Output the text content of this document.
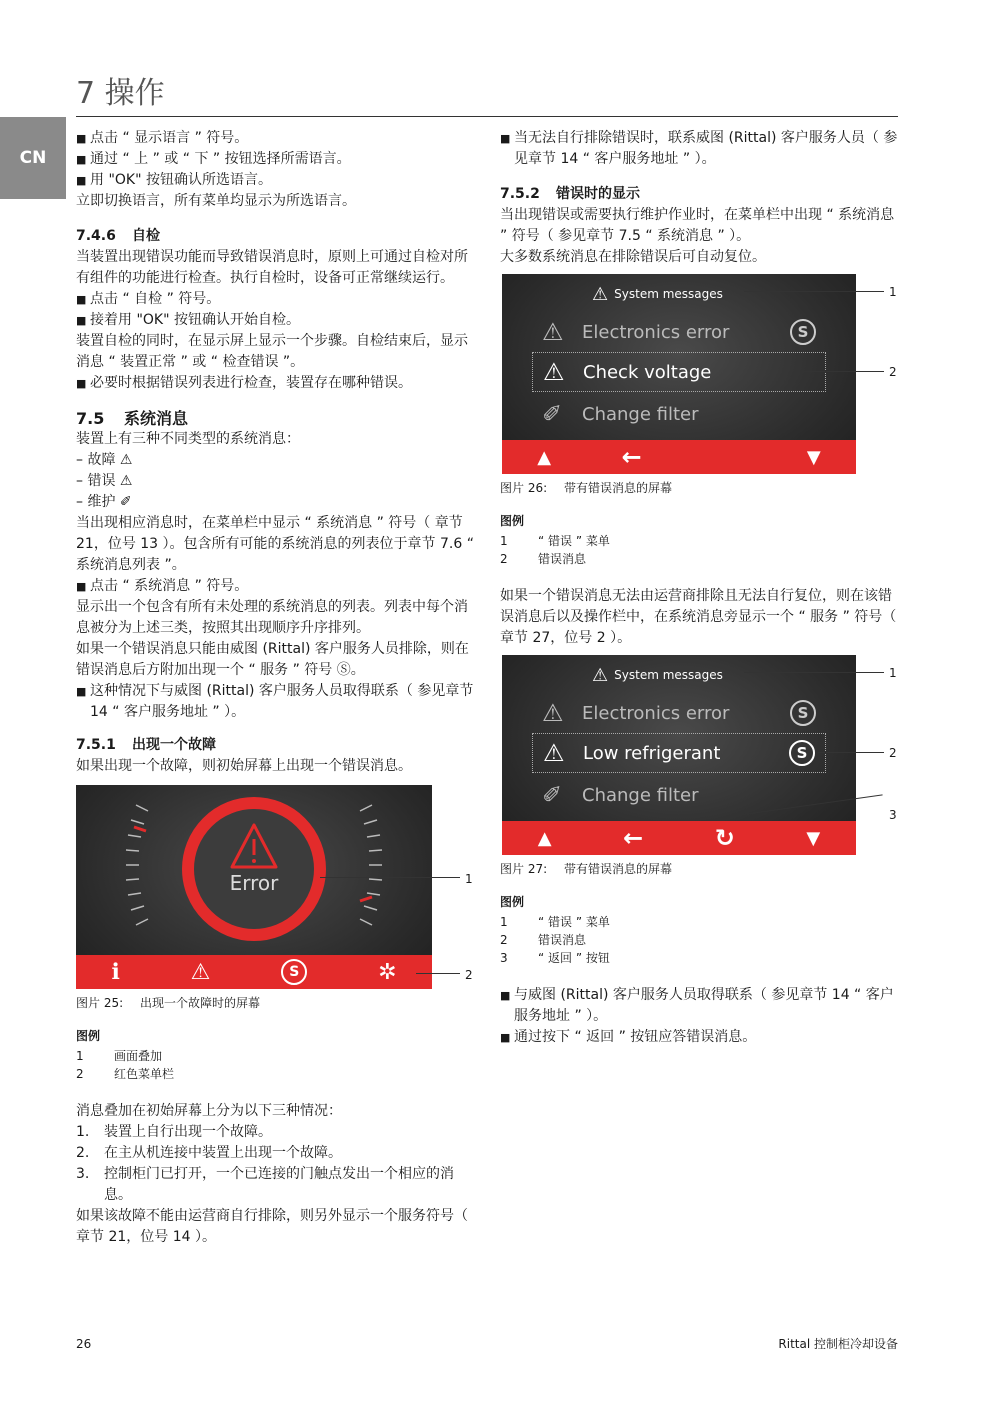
7 操作
CN
■ 点击 “ 显示语言 ” 符号。
■ 通过 “ 上 ” 或 “ 下 ” 按钮选择所需语言。
■ 用 "OK" 按钮确认所选语言。
立即切换语言，所有菜单均显示为所选语言。
7.4.6 自检
当装置出现错误功能而导致错误消息时，原则上可通过自检对所有组件的功能进行检查。执行自检时，设备可正常继续运行。
■ 点击 “ 自检 ” 符号。
■ 接着用 "OK" 按钮确认开始自检。
装置自检的同时，在显示屏上显示一个步骤。自检结束后，显示消息 “ 装置正常 ” 或 “ 检查错误 ”。
■ 必要时根据错误列表进行检查，装置存在哪种错误。
7.5 系统消息
装置上有三种不同类型的系统消息：
– 故障 ⚠
– 错误 ⚠
– 维护 ✐
当出现相应消息时，在菜单栏中显示 “ 系统消息 ” 符号（ 章节 21，位号 13 ）。包含所有可能的系统消息的列表位于章节 7.6 “ 系统消息列表 ”。
■ 点击 “ 系统消息 ” 符号。
显示出一个包含有所有未处理的系统消息的列表。列表中每个消息被分为上述三类，按照其出现顺序升序排列。
如果一个错误消息只能由威图 (Rittal) 客户服务人员排除，则在错误消息后方附加出现一个 “ 服务 ” 符号 Ⓢ。
■ 这种情况下与威图 (Rittal) 客户服务人员取得联系（ 参见章节 14 “ 客户服务地址 ” ）。
7.5.1 出现一个故障
如果出现一个故障，则初始屏幕上出现一个错误消息。
Error
ℹ	⚠	S	✲
1
2
图片 25: 出现一个故障时的屏幕
图例
1	画面叠加
2	红色菜单栏
消息叠加在初始屏幕上分为以下三种情况：
1. 装置上自行出现一个故障。
2. 在主从机连接中装置上出现一个故障。
3. 控制柜门已打开，一个已连接的门触点发出一个相应的消息。
如果该故障不能由运营商自行排除，则另外显示一个服务符号（ 章节 21，位号 14 ）。
■ 当无法自行排除错误时，联系威图 (Rittal) 客户服务人员（ 参见章节 14 “ 客户服务地址 ” ）。
7.5.2 错误时的显示
当出现错误或需要执行维护作业时，在菜单栏中出现 “ 系统消息 ” 符号（ 参见章节 7.5 “ 系统消息 ” ）。
大多数系统消息在排除错误后可自动复位。
⚠ System messages
⚠	Electronics error	S
⚠	Check voltage
✐	Change filter
▲	←	▼
1
2
图片 26: 带有错误消息的屏幕
图例
1	“ 错误 ” 菜单
2	错误消息
如果一个错误消息无法由运营商排除且无法自行复位，则在该错误消息后以及操作栏中，在系统消息旁显示一个 “ 服务 ” 符号（ 章节 27，位号 2 ）。
⚠ System messages
⚠	Electronics error	S
⚠	Low refrigerant	S
✐	Change filter
▲	←	↻	▼
1
2
3
图片 27: 带有错误消息的屏幕
图例
1	“ 错误 ” 菜单
2	错误消息
3	“ 返回 ” 按钮
■ 与威图 (Rittal) 客户服务人员取得联系（ 参见章节 14 “ 客户服务地址 ” ）。
■ 通过按下 “ 返回 ” 按钮应答错误消息。
26	Rittal 控制柜冷却设备
